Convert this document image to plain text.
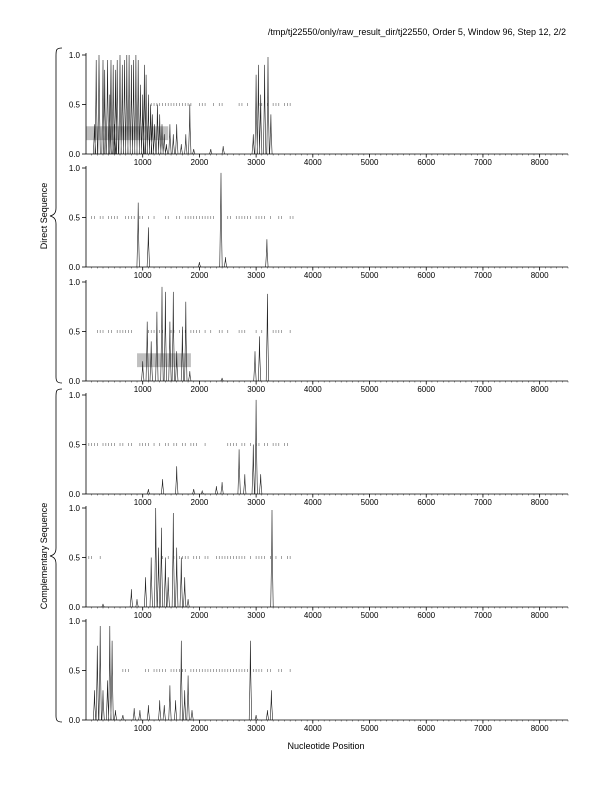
/tmp/tj22550/only/raw_result_dir/tj22550, Order 5, Window 96, Step 12, 2/2
0.0
0.5
1.0
1000	2000	3000	4000	5000	6000	7000	8000
0.0
0.5
1.0
1000	2000	3000	4000	5000	6000	7000	8000
0.0
0.5
1.0
1000	2000	3000	4000	5000	6000	7000	8000
0.0
0.5
1.0
1000	2000	3000	4000	5000	6000	7000	8000
0.0
0.5
1.0
1000	2000	3000	4000	5000	6000	7000	8000
0.0
0.5
1.0
1000	2000	3000	4000	5000	6000	7000	8000
Nucleotide Position
Direct Sequence
Complementary Sequence
